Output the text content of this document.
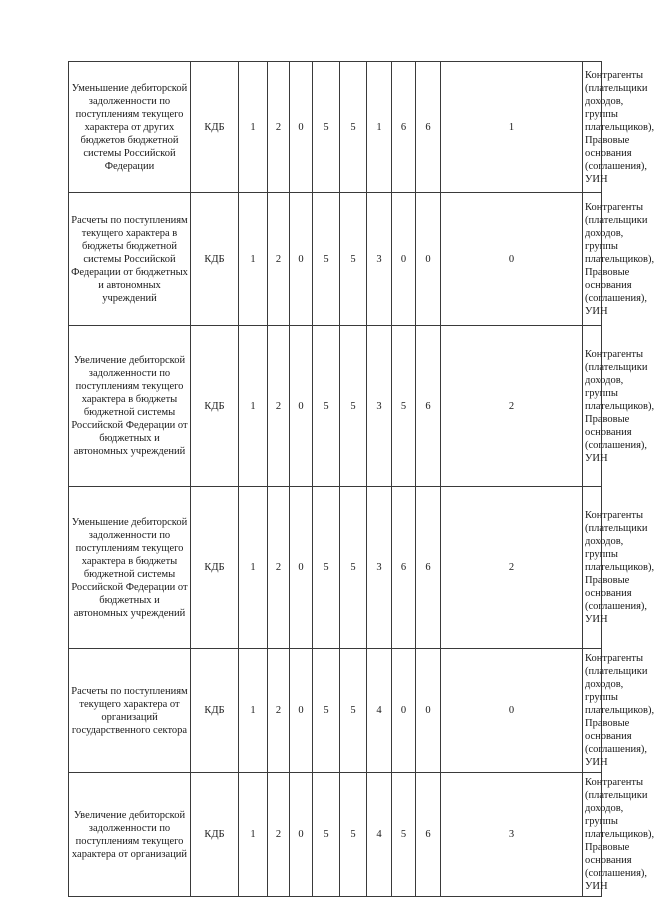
Уменьшение дебиторской задолженности по поступлениям текущего характера от других бюджетов бюджетной системы Российской Федерации	КДБ	1	2	0	5	5	1	6	6	1	Контрагенты (плательщики доходов, группы плательщиков), Правовые основания (соглашения), УИН
Расчеты по поступлениям текущего характера в бюджеты бюджетной системы Российской Федерации от бюджетных и автономных учреждений	КДБ	1	2	0	5	5	3	0	0	0	Контрагенты (плательщики доходов, группы плательщиков), Правовые основания (соглашения), УИН
Увеличение дебиторской задолженности по поступлениям текущего характера в бюджеты бюджетной системы Российской Федерации от бюджетных и автономных учреждений	КДБ	1	2	0	5	5	3	5	6	2	Контрагенты (плательщики доходов, группы плательщиков), Правовые основания (соглашения), УИН
Уменьшение дебиторской задолженности по поступлениям текущего характера в бюджеты бюджетной системы Российской Федерации от бюджетных и автономных учреждений	КДБ	1	2	0	5	5	3	6	6	2	Контрагенты (плательщики доходов, группы плательщиков), Правовые основания (соглашения), УИН
Расчеты по поступлениям текущего характера от организаций государственного сектора	КДБ	1	2	0	5	5	4	0	0	0	Контрагенты (плательщики доходов, группы плательщиков), Правовые основания (соглашения), УИН
Увеличение дебиторской задолженности по поступлениям текущего характера от организаций	КДБ	1	2	0	5	5	4	5	6	3	Контрагенты (плательщики доходов, группы плательщиков), Правовые основания (соглашения), УИН
